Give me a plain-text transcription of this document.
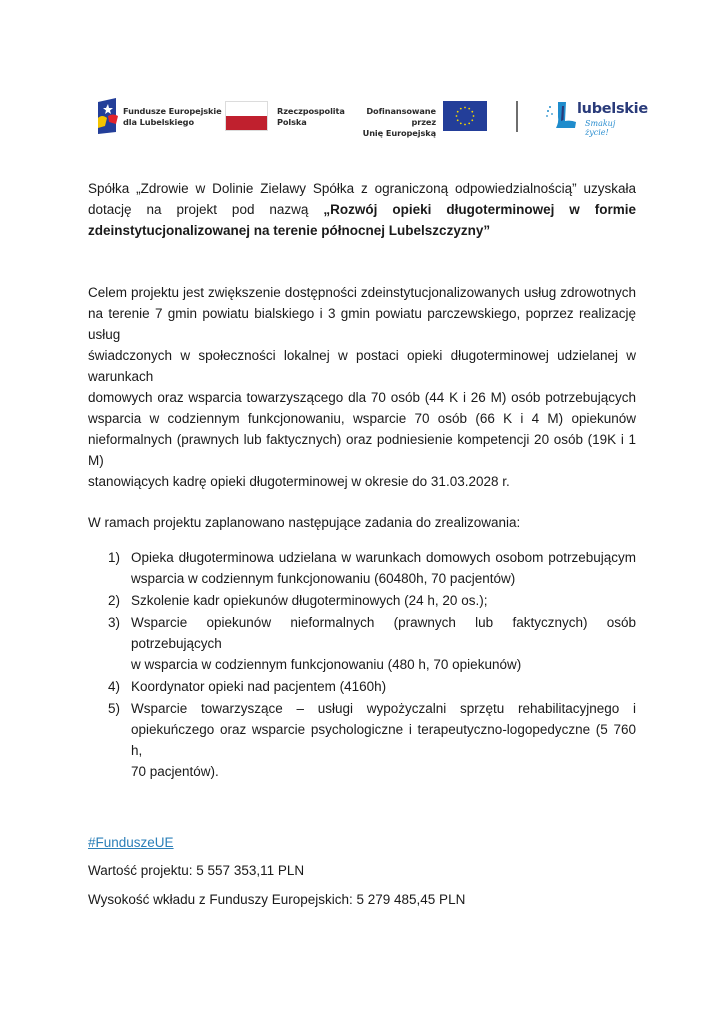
Fundusze Europejskie
dla Lubelskiego
Rzeczpospolita
Polska
Dofinansowane przez
Unię Europejską
lubelskie
Smakuj życie!
Spółka „Zdrowie w Dolinie Zielawy Spółka z ograniczoną odpowiedzialnością” uzyskała
dotację na projekt pod nazwą „Rozwój opieki długoterminowej w formie
zdeinstytucjonalizowanej na terenie północnej Lubelszczyzny”
Celem projektu jest zwiększenie dostępności zdeinstytucjonalizowanych usług zdrowotnych
na terenie 7 gmin powiatu bialskiego i 3 gmin powiatu parczewskiego, poprzez realizację usług
świadczonych w społeczności lokalnej w postaci opieki długoterminowej udzielanej w
warunkach
domowych oraz wsparcia towarzyszącego dla 70 osób (44 K i 26 M) osób potrzebujących
wsparcia w codziennym funkcjonowaniu, wsparcie 70 osób (66 K i 4 M) opiekunów
nieformalnych (prawnych lub faktycznych) oraz podniesienie kompetencji 20 osób (19K i 1 M)
stanowiących kadrę opieki długoterminowej w okresie do 31.03.2028 r.

W ramach projektu zaplanowano następujące zadania do zrealizowania:

1) Opieka długoterminowa udzielana w warunkach domowych osobom potrzebującym
wsparcia w codziennym funkcjonowaniu (60480h, 70 pacjentów)
2) Szkolenie kadr opiekunów długoterminowych (24 h, 20 os.);
3) Wsparcie opiekunów nieformalnych (prawnych lub faktycznych) osób potrzebujących
w wsparcia w codziennym funkcjonowaniu (480 h, 70 opiekunów)
4) Koordynator opieki nad pacjentem (4160h)
5) Wsparcie towarzyszące – usługi wypożyczalni sprzętu rehabilitacyjnego i
opiekuńczego oraz wsparcie psychologiczne i terapeutyczno-logopedyczne (5 760 h,
70 pacjentów).
#FunduszeUE

Wartość projektu: 5 557 353,11 PLN

Wysokość wkładu z Funduszy Europejskich: 5 279 485,45 PLN
